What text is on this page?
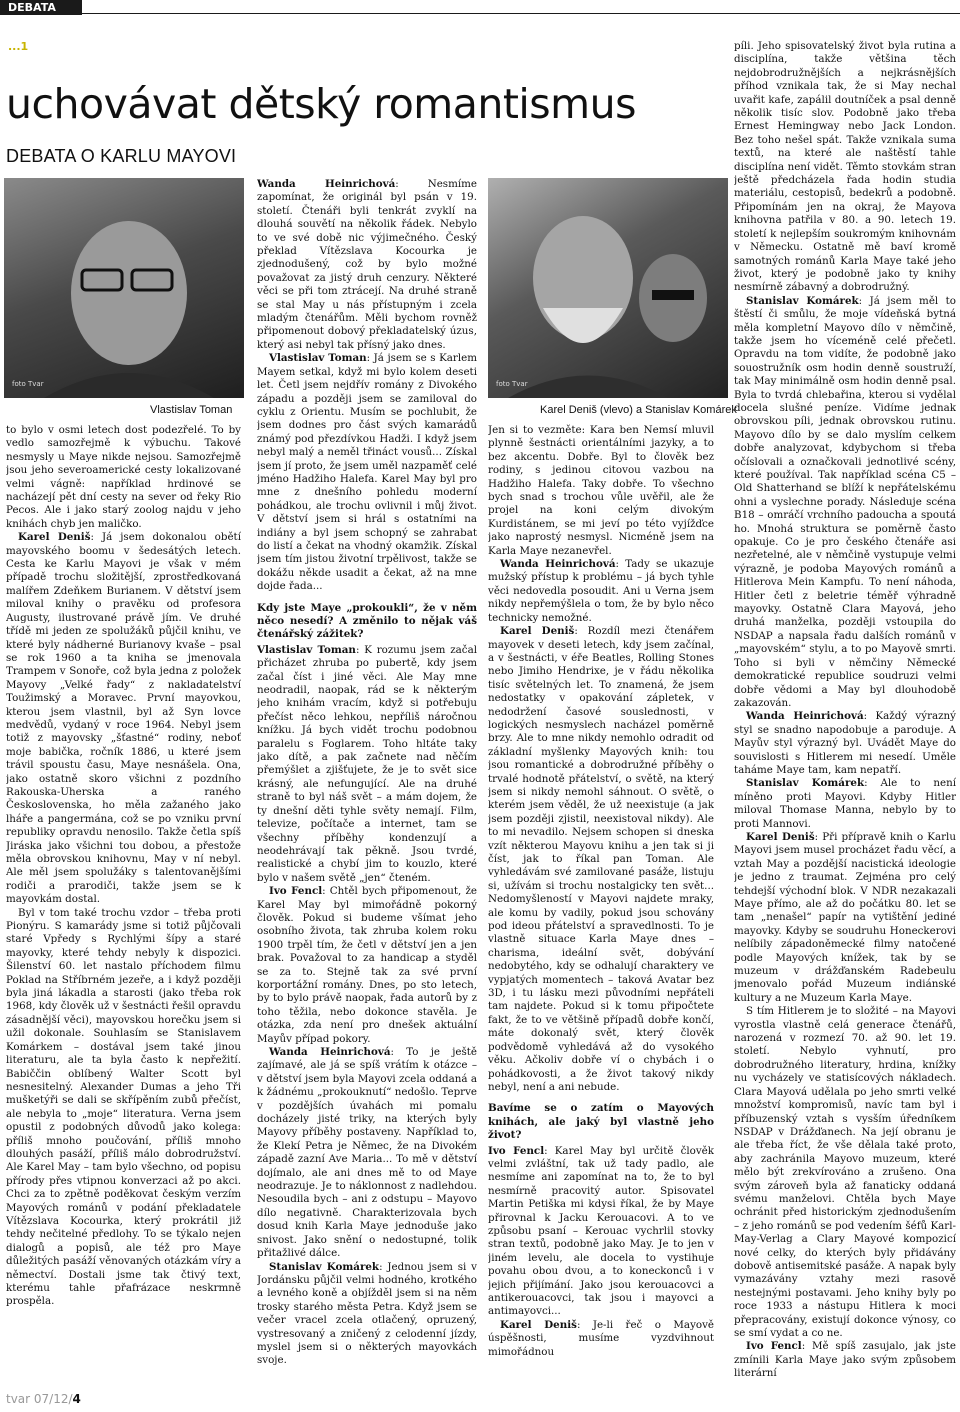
DEBATA
...1
uchovávat dětský romantismus
DEBATA O KARLU MAYOVI
foto Tvar
Vlastislav Toman
foto Tvar
Karel Deniš (vlevo) a Stanislav Komárek

to bylo v osmi letech dost podezřelé. To by vedlo samozřejmě k výbuchu. Takové nesmysly u Maye nikde nejsou. Samozřejmě jsou jeho severoamerické cesty lokalizované velmi vágně: například hrdinové se nacházejí pět dní cesty na sever od řeky Rio Pecos. Ale i jako starý zoolog najdu v jeho knihách chyb jen maličko.

Karel Deniš: Já jsem dokonalou obětí mayovského boomu v šedesátých letech. Cesta ke Karlu Mayovi je však v mém případě trochu složitější, zprostředkovaná malířem Zdeňkem Burianem. V dětství jsem miloval knihy o pravěku od profesora Augusty, ilustrované právě jím. Ve druhé třídě mi jeden ze spolužáků půjčil knihu, ve které byly nádherné Burianovy kvaše – psal se rok 1960 a ta kniha se jmenovala Trampem v Sonoře, což byla jedna z položek Mayovy „Velké řady“ z nakladatelství Toužimský a Moravec. První mayovkou, kterou jsem vlastnil, byl až Syn lovce medvědů, vydaný v roce 1964. Nebyl jsem totiž z mayovsky „šťastné“ rodiny, neboť moje babička, ročník 1886, u které jsem trávil spoustu času, Maye nesnášela. Ona, jako ostatně skoro všichni z pozdního Rakouska-Uherska a raného Československa, ho měla zažaného jako lháře a pangermána, což se po vzniku první republiky opravdu nenosilo. Takže četla spíš Jiráska jako všichni tou dobou, a přestože měla obrovskou knihovnu, May v ní nebyl. Ale měl jsem spolužáky s talentovanějšími rodiči a prarodiči, takže jsem se k mayovkám dostal.

Byl v tom také trochu vzdor – třeba proti Pionýru. S kamarády jsme si totiž půjčovali staré Vpředy s Rychlými šípy a staré mayovky, které tehdy nebyly k dispozici. Šilenství 60. let nastalo příchodem filmu Poklad na Stříbrném jezeře, a i když později byla jiná lákadla a starosti (jako třeba rok 1968, kdy člověk už v šestnácti řešil opravdu zásadnější věci), mayovskou horečku jsem si užil dokonale. Souhlasím se Stanislavem Komárkem – dostával jsem také jinou literaturu, ale ta byla často k nepřežití. Babiččin oblíbený Walter Scott byl nesnesitelný. Alexander Dumas a jeho Tři mušketýři se dali se skřípěním zubů přečíst, ale nebyla to „moje“ literatura. Verna jsem opustil z podobných důvodů jako kolega: příliš mnoho poučování, příliš mnoho dlouhých pasáží, příliš málo dobrodružství. Ale Karel May – tam bylo všechno, od popisu přírody přes vtipnou konverzaci až po akci. Chci za to zpětně poděkovat českým verzím Mayových románů v podání překladatele Vítězslava Kocourka, který prokrátil již tehdy nečitelné předlohy. To se týkalo nejen dialogů a popisů, ale též pro Maye důležitých pasáží věnovaných otázkám víry a němectví. Dostali jsme tak čtivý text, kterému tahle přafrázace neskrmně prospěla.

Wanda Heinrichová: Nesmíme zapomínat, že originál byl psán v 19. století. Čtenáři byli tenkrát zvyklí na dlouhá souvětí na několik řádek. Nebylo to ve své době nic výjimečného. Český překlad Vítězslava Kocourka je zjednodušený, což by bylo možné považovat za jistý druh cenzury. Některé věci se při tom ztrácejí. Na druhé straně se stal May u nás přístupným i zcela mladým čtenářům. Měli bychom rovněž připomenout dobový překladatelský úzus, který asi nebyl tak přísný jako dnes.

Vlastislav Toman: Já jsem se s Karlem Mayem setkal, když mi bylo kolem deseti let. Četl jsem nejdřív romány z Divokého západu a později jsem se zamiloval do cyklu z Orientu. Musím se pochlubit, že jsem dodnes pro část svých kamarádů známý pod přezdívkou Hadži. I když jsem nebyl malý a neměl třináct vousů... Získal jsem jí proto, že jsem uměl nazpaměť celé jméno Hadžiho Halefa. Karel May byl pro mne z dnešního pohledu moderní pohádkou, ale trochu ovlivnil i můj život. V dětství jsem si hrál s ostatními na indiány a byl jsem schopný se zahrabat do listí a čekat na vhodný okamžik. Získal jsem tím jistou životní trpělivost, takže se dokážu někde usadit a čekat, až na mne dojde řada...

Kdy jste Maye „prokoukli“, že v něm něco nesedí? A změnilo to nějak váš čtenářský zážitek?

Vlastislav Toman: K rozumu jsem začal přicházet zhruba po pubertě, kdy jsem začal číst i jiné věci. Ale May mne neodradil, naopak, rád se k některým jeho knihám vracím, když si potřebuju přečíst něco lehkou, nepříliš náročnou knížku. Já bych vidět trochu podobnou paralelu s Foglarem. Toho hltáte taky jako dítě, a pak začnete nad něčím přemýšlet a zjišťujete, že je to svět sice krásný, ale nefungující. Ale na druhé straně to byl náš svět – a mám dojem, že ty dnešní děti tyhle světy nemají. Film, televize, počítače a internet, tam se všechny příběhy kondenzují a neodehrávají tak pěkně. Jsou tvrdé, realistické a chybí jim to kouzlo, které bylo v našem světě „jen“ čteném.

Ivo Fencl: Chtěl bych připomenout, že Karel May byl mimořádně pokorný člověk. Pokud si budeme všímat jeho osobního života, tak zhruba kolem roku 1900 trpěl tím, že četl v dětství jen a jen brak. Považoval to za handicap a styděl se za to. Stejně tak za své první korportážní romány. Dnes, po sto letech, by to bylo právě naopak, řada autorů by z toho těžila, nebo dokonce stavěla. Je otázka, zda není pro dnešek aktuální Mayův případ pokory.

Wanda Heinrichová: To je ještě zajímavé, ale já se spíš vrátím k otázce – v dětství jsem byla Mayovi zcela oddaná a k žádnému „prokouknutí“ nedošlo. Teprve v pozdějších úvahách mi pomalu docházely jisté triky, na kterých byly Mayovy příběhy postaveny. Například to, že Klekí Petra je Němec, že na Divokém západě zazní Ave Maria... To mě v dětství dojímalo, ale ani dnes mě to od Maye neodrazuje. Je to náklonnost z nadlehdou. Nesoudila bych – ani z odstupu – Mayovo dílo negativně. Charakterizovala bych dosud knih Karla Maye jednoduše jako snivost. Jako snění o nedostupné, tolik přitažlivé dálce.

Stanislav Komárek: Jednou jsem si v Jordánsku půjčil velmi hodného, krotkého a levného koně a objížděl jsem si na něm trosky starého města Petra. Když jsem se večer vracel zcela otlačený, opruzený, vystresovaný a zničený z celodenní jízdy, myslel jsem si o některých mayovkách svoje.

Jen si to vezměte: Kara ben Nemsí mluvil plynně šestnácti orientálními jazyky, a to bez akcentu. Dobře. Byl to člověk bez rodiny, s jedinou citovou vazbou na Hadžiho Halefa. Taky dobře. To všechno bych snad s trochou vůle uvěřil, ale že projel na koni celým divokým Kurdistánem, se mi jeví po této vyjížďce jako naprostý nesmysl. Nicméně jsem na Karla Maye nezanevřel.

Wanda Heinrichová: Tady se ukazuje mužský přístup k problému – já bych tyhle věci nedovedla posoudit. Ani u Verna jsem nikdy nepřemýšlela o tom, že by bylo něco technicky nemožné.

Karel Deniš: Rozdíl mezi čtenářem mayovek v deseti letech, kdy jsem začínal, a v šestnácti, v éře Beatles, Rolling Stones nebo Jimiho Hendrixe, je v řádu několika tisíc světelných let. To znamená, že jsem nedostatky v opakování zápletek, v nedodržení časové souslednosti, v logických nesmyslech nacházel poměrně brzy. Ale to mne nikdy nemohlo odradit od základní myšlenky Mayových knih: tou jsou romantické a dobrodružné příběhy o trvalé hodnotě přátelství, o světě, na který jsem si nikdy nemohl sáhnout. O světě, o kterém jsem věděl, že už neexistuje (a jak jsem později zjistil, neexistoval nikdy). Ale to mi nevadilo. Nejsem schopen si dneska vzít některou Mayovu knihu a jen tak si ji číst, jak to říkal pan Toman. Ale vyhledávám své zamilované pasáže, listuju si, užívám si trochu nostalgicky ten svět... Nedomyšleností v Mayovi najdete mraky, ale komu by vadily, pokud jsou schovány pod ideou přátelství a spravedlnosti. To je vlastně situace Karla Maye dnes – charisma, ideální svět, dobývání nedobytého, kdy se odhalují charaktery ve vypjatých momentech – taková Avatar bez 3D, i tu lásku mezi původními nepřáteli tam najdete. Pokud si k tomu připočtete fakt, že to ve většině případů dobře končí, máte dokonalý svět, který člověk podvědomě vyhledává až do vysokého věku. Ačkoliv dobře ví o chybách i o pohádkovosti, a že život takový nikdy nebyl, není a ani nebude.

Bavíme se o zatím o Mayových knihách, ale jaký byl vlastně jeho život?

Ivo Fencl: Karel May byl určitě člověk velmi zvláštní, tak už tady padlo, ale nesmíme ani zapomínat na to, že to byl nesmírně pracovitý autor. Spisovatel Martin Petiška mi kdysi říkal, že by Maye přirovnal k Jacku Kerouacovi. A to ve způsobu psaní – Kerouac vychrlil stovky stran textů, podobně jako May. Je to jen v jiném levelu, ale docela to vystihuje povahu obou dvou, a to koneckonců i v jejich přijímání. Jako jsou kerouacovci a antikerouacovci, tak jsou i mayovci a antimayovci...

Karel Deniš: Je-li řeč o Mayově úspěšnosti, musíme vyzdvihnout mimořádnou

píli. Jeho spisovatelský život byla rutina a disciplína, takže většina těch nejdobrodružnějších a nejkrásnějších příhod vznikala tak, že si May nechal uvařit kafe, zapálil doutníček a psal denně několik tisíc slov. Podobně jako třeba Ernest Hemingway nebo Jack London. Bez toho nešel spát. Takže vznikala suma textů, na které ale naštěstí tahle disciplína není vidět. Těmto stovkám stran ještě předcházela řada hodin studia materiálu, cestopisů, bedekrů a podobně. Připomínám jen na okraj, že Mayova knihovna patřila v 80. a 90. letech 19. století k nejlepším soukromým knihovnám v Německu. Ostatně mě baví kromě samotných románů Karla Maye také jeho život, který je podobně jako ty knihy nesmírně zábavný a dobrodružný.

Stanislav Komárek: Já jsem měl to štěstí či smůlu, že moje vídeňská bytná měla kompletní Mayovo dílo v němčině, takže jsem ho víceméně celé přečetl. Opravdu na tom vidíte, že podobně jako souostružník osm hodin denně soustruží, tak May minimálně osm hodin denně psal. Byla to tvrdá chlebařina, kterou si vydělal docela slušné peníze. Vidíme jednak obrovskou píli, jednak obrovskou rutinu. Mayovo dílo by se dalo myslím celkem dobře analyzovat, kdybychom si třeba očíslovali a označkovali jednotlivé scény, které používal. Tak například scéna C5 – Old Shatterhand se blíží k nepřátelskému ohni a vyslechne porady. Následuje scéna B18 – omráčí vrchního padoucha a spoutá ho. Mnohá struktura se poměrně často opakuje. Co je pro českého čtenáře asi nezřetelné, ale v němčině vystupuje velmi výrazně, je podoba Mayových románů a Hitlerova Mein Kampfu. To není náhoda, Hitler četl z beletrie téměř výhradně mayovky. Ostatně Clara Mayová, jeho druhá manželka, později vstoupila do NSDAP a napsala řadu dalších románů v „mayovském“ stylu, a to po Mayově smrti. Toho si byli v němčiny Německé demokratické republice soudruzi velmi dobře vědomi a May byl dlouhodobě zakazován.

Wanda Heinrichová: Každý výrazný styl se snadno napodobuje a paroduje. A Mayův styl výrazný byl. Uvádět Maye do souvislosti s Hitlerem mi nesedí. Uměle taháme Maye tam, kam nepatří.

Stanislav Komárek: Ale to není míněno proti Mayovi. Kdyby Hitler miloval Thomase Manna, nebylo by to proti Mannovi.

Karel Deniš: Při přípravě knih o Karlu Mayovi jsem musel procházet řadu věcí, a vztah May a pozdější nacistická ideologie je jedno z traumat. Zejména pro celý tehdejší východní blok. V NDR nezakazali Maye přímo, ale až do počátku 80. let se tam „nenašel“ papír na vytištění jediné mayovky. Kdyby se soudruhu Honeckerovi nelíbily západoněmecké filmy natočené podle Mayových knížek, tak by se muzeum v drážďanském Radebeulu jmenovalo pořád Muzeum indiánské kultury a ne Muzeum Karla Maye.

S tím Hitlerem je to složité – na Mayovi vyrostla vlastně celá generace čtenářů, narozená v rozmezí 70. až 90. let 19. století. Nebylo vyhnutí, pro dobrodružného literatury, hrdina, knížky nu vycházely ve statisícových nákladech. Clara Mayová udělala po jeho smrti velké množství kompromisů, navíc tam byl i příbuzenský vztah s vysším úředníkem NSDAP v Drážďanech. Na její obranu je ale třeba říct, že vše dělala také proto, aby zachránila Mayovo muzeum, které mělo být zrekvírováno a zrušeno. Ona svým zároveň byla až fanaticky oddaná svému manželovi. Chtěla bych Maye ochránit před historickým zjednodušením – z jeho románů se pod vedením šéfů Karl-May-Verlag a Clary Mayové kompozicí nové celky, do kterých byly přidávány dobově antisemitské pasáže. A napak byly vymazávány vztahy mezi rasově nestejnými postavami. Jeho knihy byly po roce 1933 a nástupu Hitlera k moci přepracovány, existují dokonce výnosy, co se smí vydat a co ne.

Ivo Fencl: Mě spíš zasujalo, jak jste zmínili Karla Maye jako svým způsobem literární

tvar 07/12/4
